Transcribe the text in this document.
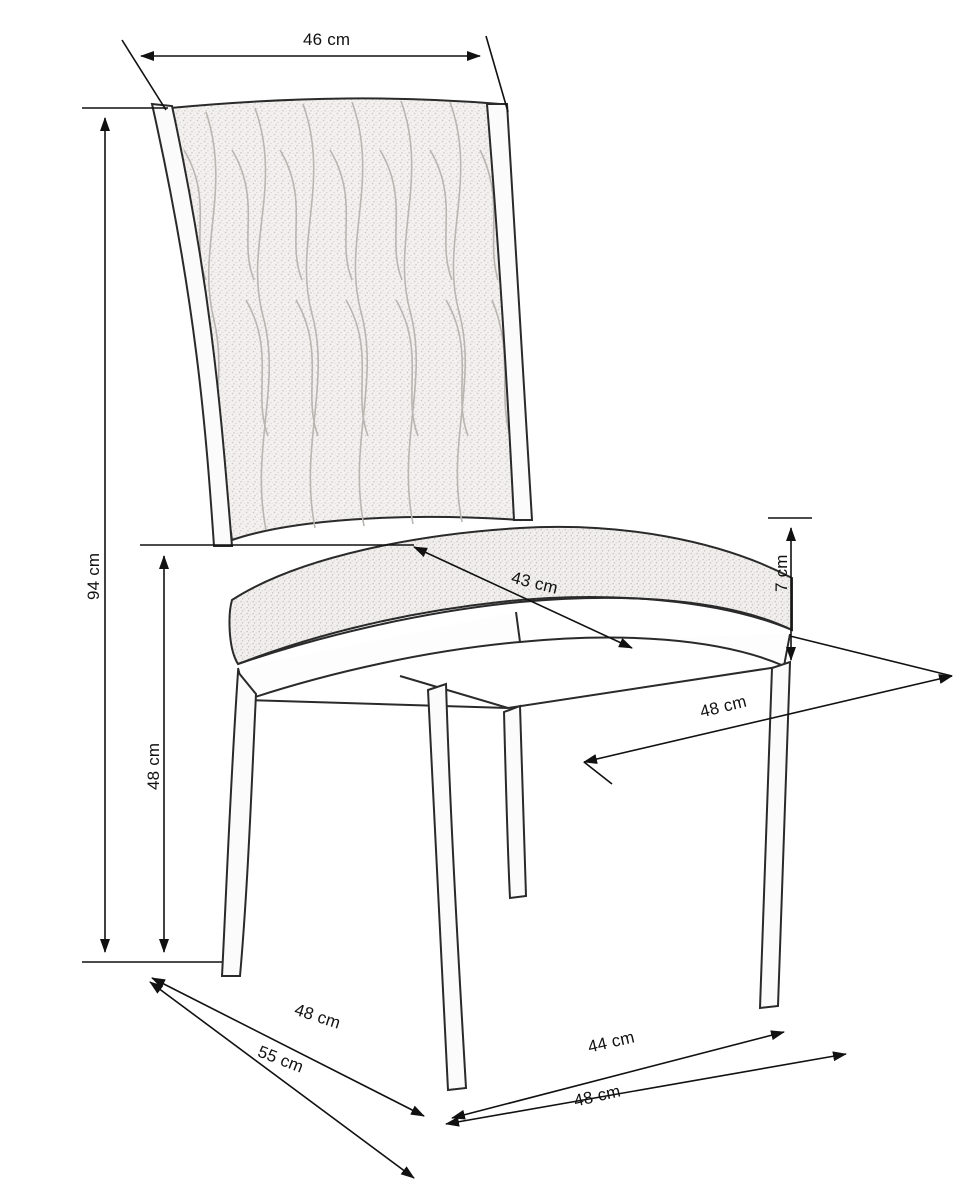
46 cm
94 cm
48 cm
43 cm	7 cm
48 cm
48 cm
55 cm
44 cm
48 cm
